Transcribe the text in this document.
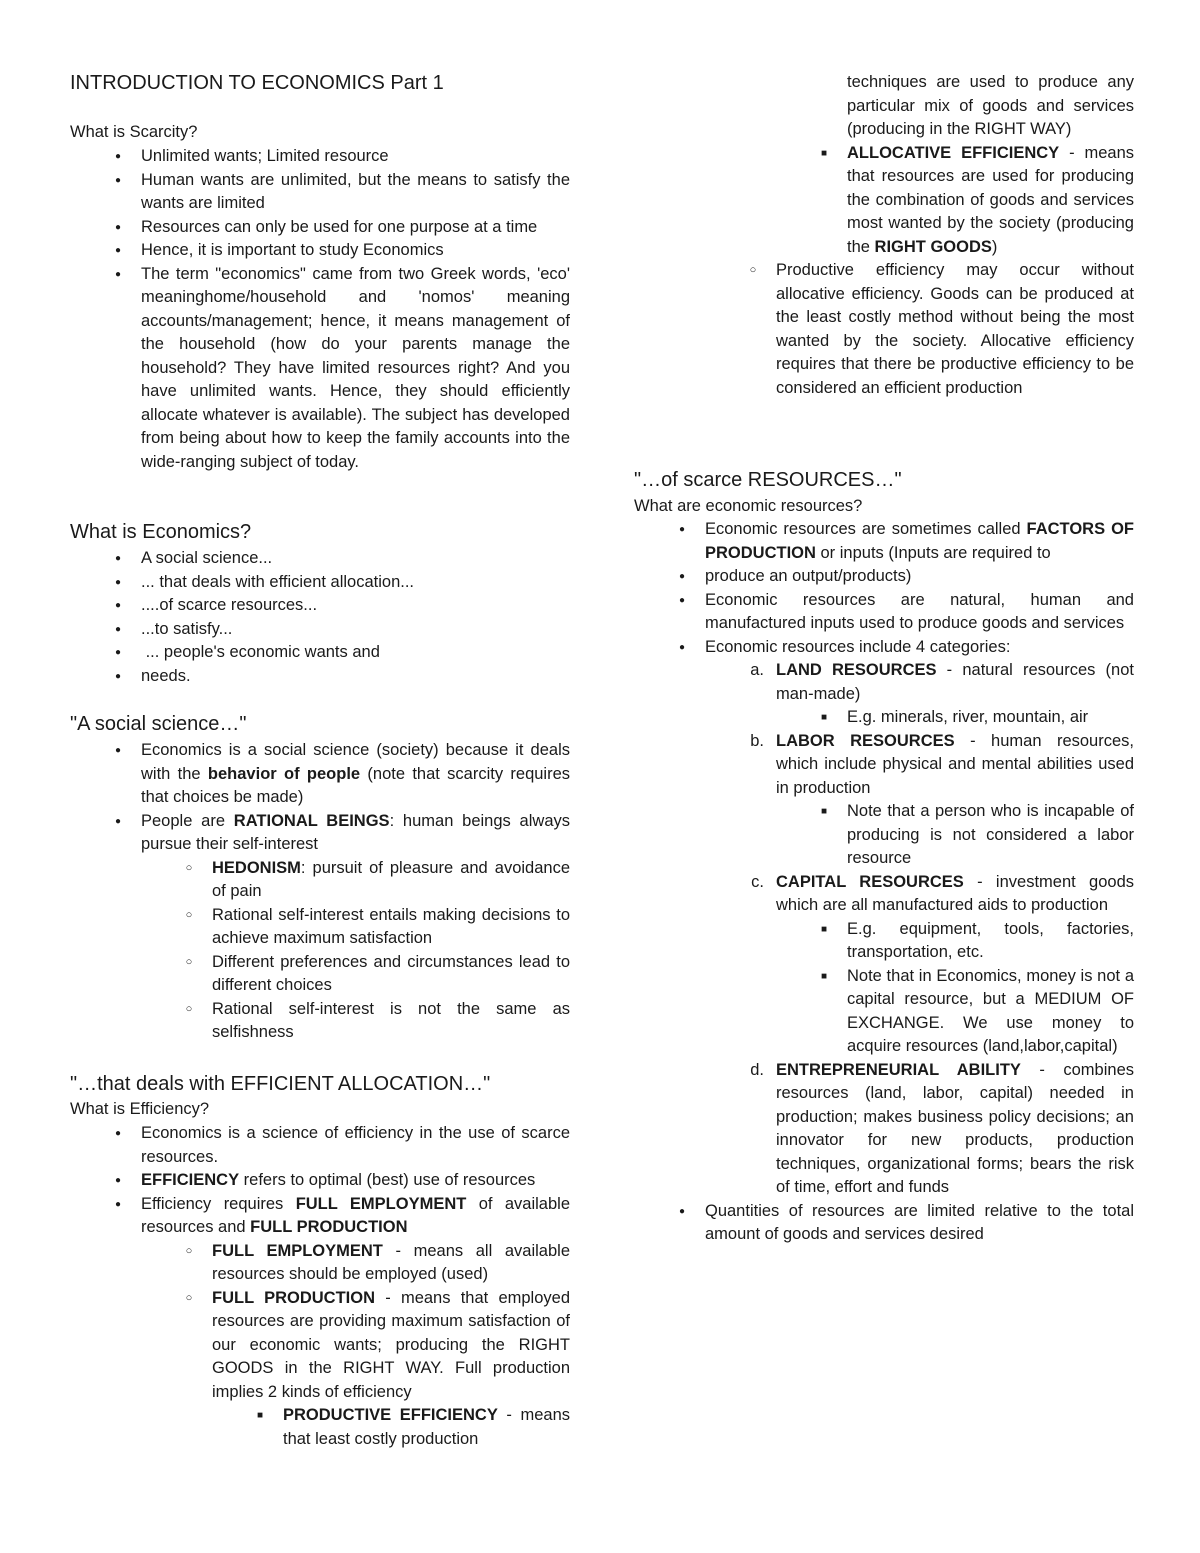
INTRODUCTION TO ECONOMICS Part 1
What is Scarcity?
● Unlimited wants; Limited resource
● Human wants are unlimited, but the means to satisfy the wants are limited
● Resources can only be used for one purpose at a time
● Hence, it is important to study Economics
● The term "economics" came from two Greek words, 'eco' meaninghome/household and 'nomos' meaning accounts/management; hence, it means management of the household (how do your parents manage the household? They have limited resources right? And you have unlimited wants. Hence, they should efficiently allocate whatever is available). The subject has developed from being about how to keep the family accounts into the wide-ranging subject of today.
What is Economics?
● A social science...
● ... that deals with efficient allocation...
● ....of scarce resources...
● ...to satisfy...
●  ... people's economic wants and
● needs.
"A social science…"
● Economics is a social science (society) because it deals with the behavior of people (note that scarcity requires that choices be made)
● People are RATIONAL BEINGS: human beings always pursue their self-interest
○ HEDONISM: pursuit of pleasure and avoidance of pain
○ Rational self-interest entails making decisions to achieve maximum satisfaction
○ Different preferences and circumstances lead to different choices
○ Rational self-interest is not the same as selfishness
"…that deals with EFFICIENT ALLOCATION…"
What is Efficiency?
● Economics is a science of efficiency in the use of scarce resources.
● EFFICIENCY refers to optimal (best) use of resources
● Efficiency requires FULL EMPLOYMENT of available resources and FULL PRODUCTION
○ FULL EMPLOYMENT - means all available resources should be employed (used)
○ FULL PRODUCTION - means that employed resources are providing maximum satisfaction of our economic wants; producing the RIGHT GOODS in the RIGHT WAY. Full production implies 2 kinds of efficiency
■ PRODUCTIVE EFFICIENCY - means that least costly production
techniques are used to produce any particular mix of goods and services (producing in the RIGHT WAY)
■ ALLOCATIVE EFFICIENCY - means that resources are used for producing the combination of goods and services most wanted by the society (producing the RIGHT GOODS)
○ Productive efficiency may occur without allocative efficiency. Goods can be produced at the least costly method without being the most wanted by the society. Allocative efficiency requires that there be productive efficiency to be considered an efficient production
"…of scarce RESOURCES…"
What are economic resources?
● Economic resources are sometimes called FACTORS OF PRODUCTION or inputs (Inputs are required to
● produce an output/products)
● Economic resources are natural, human and manufactured inputs used to produce goods and services
● Economic resources include 4 categories:
a. LAND RESOURCES - natural resources (not man-made)
■ E.g. minerals, river, mountain, air
b. LABOR RESOURCES - human resources, which include physical and mental abilities used in production
■ Note that a person who is incapable of producing is not considered a labor resource
c. CAPITAL RESOURCES - investment goods which are all manufactured aids to production
■ E.g. equipment, tools, factories, transportation, etc.
■ Note that in Economics, money is not a capital resource, but a MEDIUM OF EXCHANGE. We use money to acquire resources (land,labor,capital)
d. ENTREPRENEURIAL ABILITY - combines resources (land, labor, capital) needed in production; makes business policy decisions; an innovator for new products, production techniques, organizational forms; bears the risk of time, effort and funds
● Quantities of resources are limited relative to the total amount of goods and services desired
